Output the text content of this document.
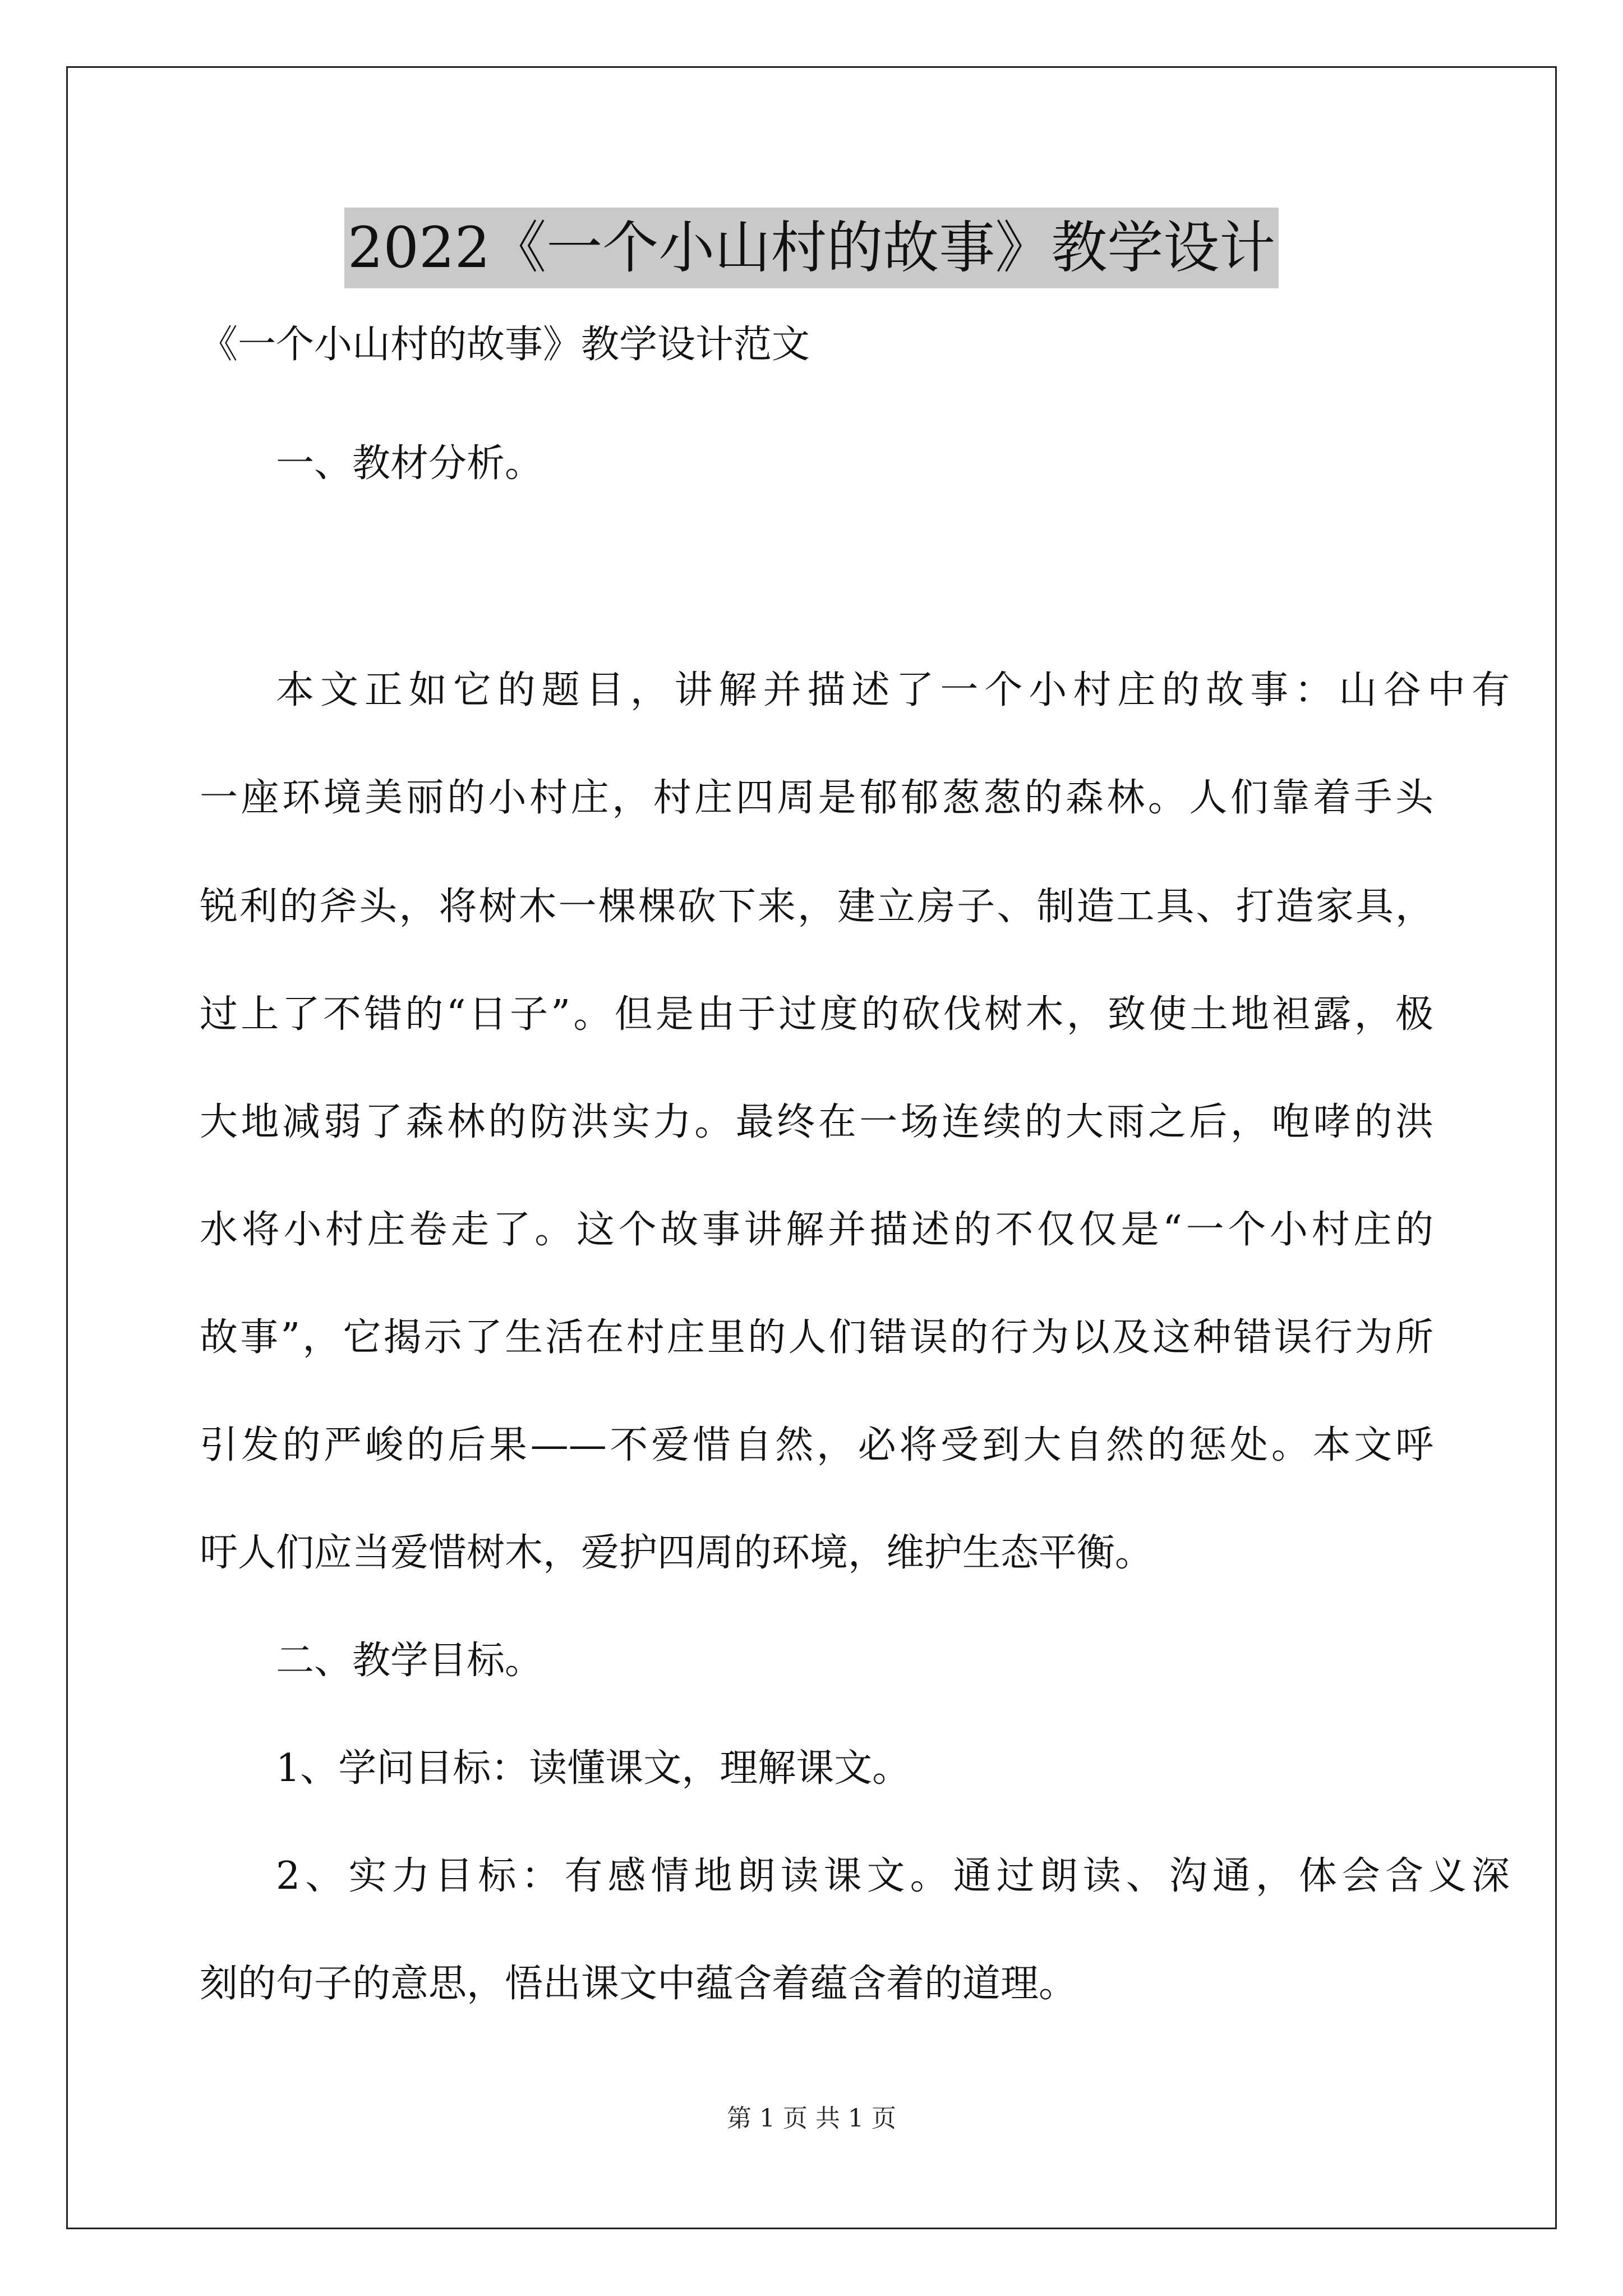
2022《一个小山村的故事》教学设计
《一个小山村的故事》教学设计范文
一、教材分析。
本文正如它的题目，讲解并描述了一个小村庄的故事：山谷中有
一座环境美丽的小村庄，村庄四周是郁郁葱葱的森林。人们靠着手头
锐利的斧头，将树木一棵棵砍下来，建立房子、制造工具、打造家具，
过上了不错的“日子”。但是由于过度的砍伐树木，致使土地袒露，极
大地减弱了森林的防洪实力。最终在一场连续的大雨之后，咆哮的洪
水将小村庄卷走了。这个故事讲解并描述的不仅仅是“一个小村庄的
故事”，它揭示了生活在村庄里的人们错误的行为以及这种错误行为所
引发的严峻的后果——不爱惜自然，必将受到大自然的惩处。本文呼
吁人们应当爱惜树木，爱护四周的环境，维护生态平衡。
二、教学目标。
1、学问目标：读懂课文，理解课文。
2、实力目标：有感情地朗读课文。通过朗读、沟通，体会含义深
刻的句子的意思，悟出课文中蕴含着蕴含着的道理。
第 1 页 共 1 页
